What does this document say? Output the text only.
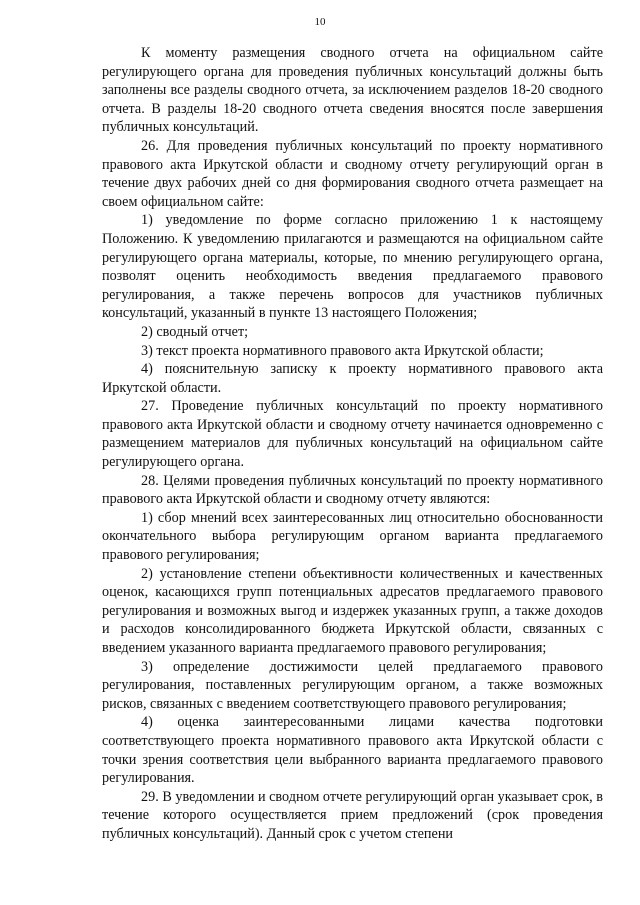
10

К моменту размещения сводного отчета на официальном сайте регулирующего органа для проведения публичных консультаций должны быть заполнены все разделы сводного отчета, за исключением разделов 18-20 сводного отчета. В разделы 18-20 сводного отчета сведения вносятся после завершения публичных консультаций.

26. Для проведения публичных консультаций по проекту нормативного правового акта Иркутской области и сводному отчету регулирующий орган в течение двух рабочих дней со дня формирования сводного отчета размещает на своем официальном сайте:

1) уведомление по форме согласно приложению 1 к настоящему Положению. К уведомлению прилагаются и размещаются на официальном сайте регулирующего органа материалы, которые, по мнению регулирующего органа, позволят оценить необходимость введения предлагаемого правового регулирования, а также перечень вопросов для участников публичных консультаций, указанный в пункте 13 настоящего Положения;

2) сводный отчет;

3) текст проекта нормативного правового акта Иркутской области;

4) пояснительную записку к проекту нормативного правового акта Иркутской области.

27. Проведение публичных консультаций по проекту нормативного правового акта Иркутской области и сводному отчету начинается одновременно с размещением материалов для публичных консультаций на официальном сайте регулирующего органа.

28. Целями проведения публичных консультаций по проекту нормативного правового акта Иркутской области и сводному отчету являются:

1) сбор мнений всех заинтересованных лиц относительно обоснованности окончательного выбора регулирующим органом варианта предлагаемого правового регулирования;

2) установление степени объективности количественных и качественных оценок, касающихся групп потенциальных адресатов предлагаемого правового регулирования и возможных выгод и издержек указанных групп, а также доходов и расходов консолидированного бюджета Иркутской области, связанных с введением указанного варианта предлагаемого правового регулирования;

3) определение достижимости целей предлагаемого правового регулирования, поставленных регулирующим органом, а также возможных рисков, связанных с введением соответствующего правового регулирования;

4) оценка заинтересованными лицами качества подготовки соответствующего проекта нормативного правового акта Иркутской области с точки зрения соответствия цели выбранного варианта предлагаемого правового регулирования.

29. В уведомлении и сводном отчете регулирующий орган указывает срок, в течение которого осуществляется прием предложений (срок проведения публичных консультаций). Данный срок с учетом степени
